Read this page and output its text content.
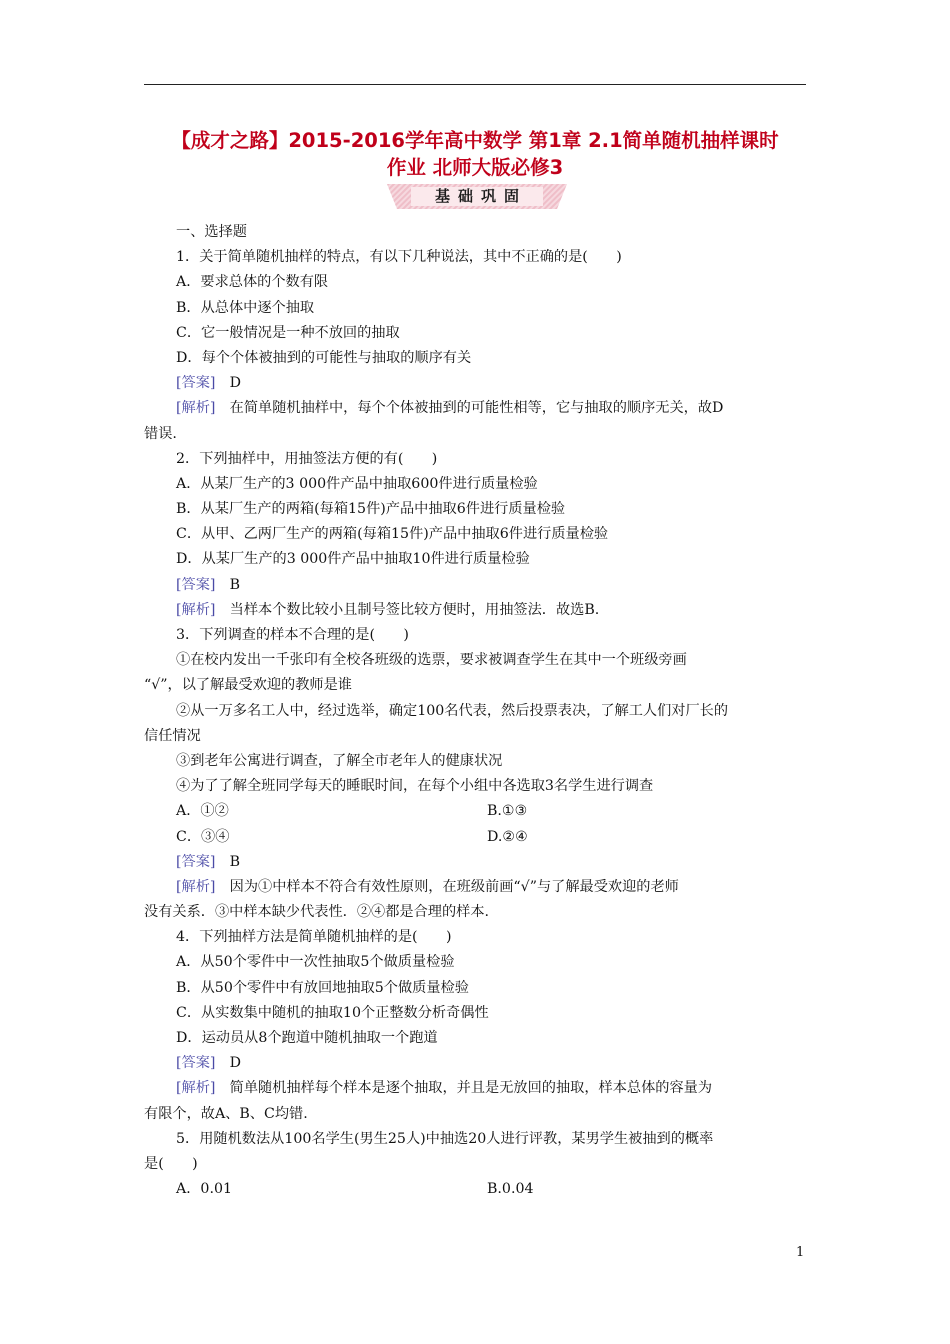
【成才之路】2015-2016学年高中数学 第1章 2.1简单随机抽样课时
作业 北师大版必修3
基础巩固
一、选择题
1．关于简单随机抽样的特点，有以下几种说法，其中不正确的是(　　)
A．要求总体的个数有限
B．从总体中逐个抽取
C．它一般情况是一种不放回的抽取
D．每个个体被抽到的可能性与抽取的顺序有关
[答案]　 D
[解析]　 在简单随机抽样中，每个个体被抽到的可能性相等，它与抽取的顺序无关，故D
错误.
2．下列抽样中，用抽签法方便的有(　　)
A．从某厂生产的3 000件产品中抽取600件进行质量检验
B．从某厂生产的两箱(每箱15件)产品中抽取6件进行质量检验
C．从甲、乙两厂生产的两箱(每箱15件)产品中抽取6件进行质量检验
D．从某厂生产的3 000件产品中抽取10件进行质量检验
[答案]　 B
[解析]　 当样本个数比较小且制号签比较方便时，用抽签法．故选B.
3．下列调查的样本不合理的是(　　)
①在校内发出一千张印有全校各班级的选票，要求被调查学生在其中一个班级旁画
“√”，以了解最受欢迎的教师是谁
②从一万多名工人中，经过选举，确定100名代表，然后投票表决，了解工人们对厂长的
信任情况
③到老年公寓进行调查，了解全市老年人的健康状况
④为了了解全班同学每天的睡眠时间，在每个小组中各选取3名学生进行调查
A．①②	B.①③
C．③④	D.②④
[答案]　 B
[解析]　 因为①中样本不符合有效性原则，在班级前画“√”与了解最受欢迎的老师
没有关系．③中样本缺少代表性．②④都是合理的样本.
4．下列抽样方法是简单随机抽样的是(　　)
A．从50个零件中一次性抽取5个做质量检验
B．从50个零件中有放回地抽取5个做质量检验
C．从实数集中随机的抽取10个正整数分析奇偶性
D．运动员从8个跑道中随机抽取一个跑道
[答案]　 D
[解析]　 简单随机抽样每个样本是逐个抽取，并且是无放回的抽取，样本总体的容量为
有限个，故A、B、C均错.
5．用随机数法从100名学生(男生25人)中抽选20人进行评教，某男学生被抽到的概率
是(　　)
A．0.01	B.0.04
1
